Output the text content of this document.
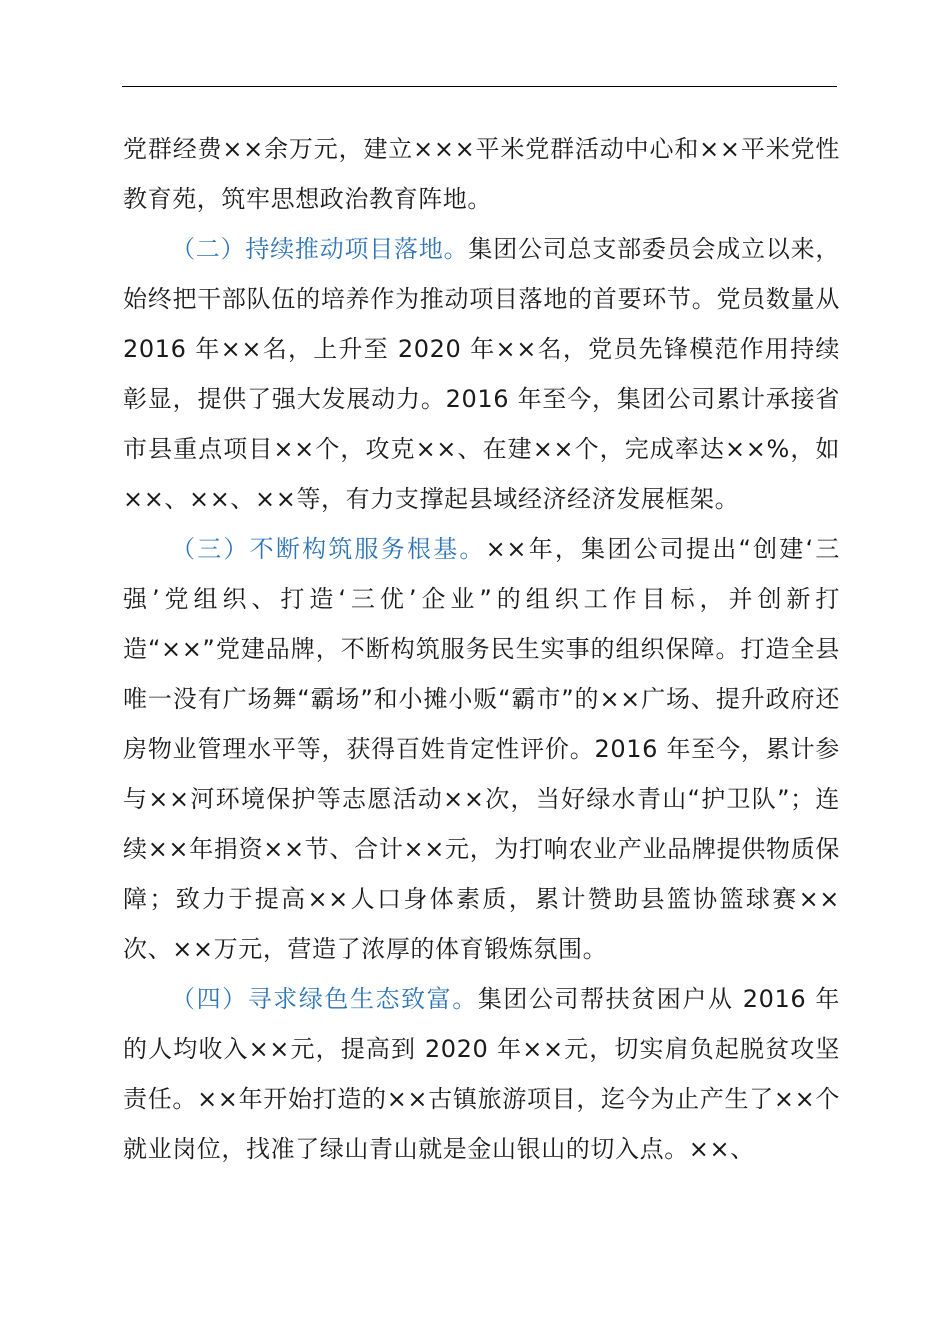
党群经费××余万元，建立×××平米党群活动中心和××平米党性教育苑，筑牢思想政治教育阵地。

（二）持续推动项目落地。集团公司总支部委员会成立以来，始终把干部队伍的培养作为推动项目落地的首要环节。党员数量从 2016 年××名，上升至 2020 年××名，党员先锋模范作用持续彰显，提供了强大发展动力。2016 年至今，集团公司累计承接省市县重点项目××个，攻克××、在建××个，完成率达××%，如××、××、××等，有力支撑起县域经济经济发展框架。

（三）不断构筑服务根基。××年，集团公司提出“创建‘三强’党组织、打造‘三优’企业”的组织工作目标，并创新打造“××”党建品牌，不断构筑服务民生实事的组织保障。打造全县唯一没有广场舞“霸场”和小摊小贩“霸市”的××广场、提升政府还房物业管理水平等，获得百姓肯定性评价。2016 年至今，累计参与××河环境保护等志愿活动××次，当好绿水青山“护卫队”；连续××年捐资××节、合计××元，为打响农业产业品牌提供物质保障；致力于提高××人口身体素质，累计赞助县篮协篮球赛××次、××万元，营造了浓厚的体育锻炼氛围。

（四）寻求绿色生态致富。集团公司帮扶贫困户从 2016 年的人均收入××元，提高到 2020 年××元，切实肩负起脱贫攻坚责任。××年开始打造的××古镇旅游项目，迄今为止产生了××个就业岗位，找准了绿山青山就是金山银山的切入点。××、
